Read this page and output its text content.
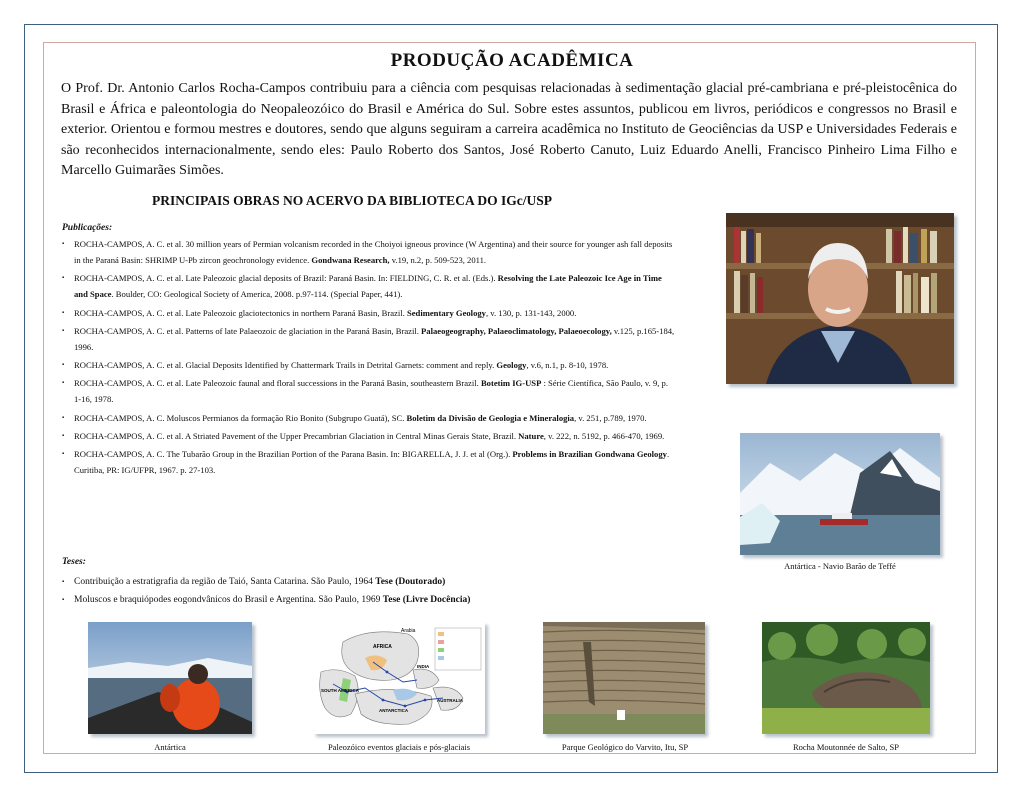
PRODUÇÃO ACADÊMICA
O Prof. Dr. Antonio Carlos Rocha-Campos contribuiu para a ciência com pesquisas relacionadas à sedimentação glacial pré-cambriana e pré-pleistocênica do Brasil e África e paleontologia do Neopaleozóico do Brasil e América do Sul. Sobre estes assuntos, publicou em livros, periódicos e congressos no Brasil e exterior. Orientou e formou mestres e doutores, sendo que alguns seguiram a carreira acadêmica no Instituto de Geociências da USP e Universidades Federais e são reconhecidos internacionalmente, sendo eles: Paulo Roberto dos Santos, José Roberto Canuto, Luiz Eduardo Anelli, Francisco Pinheiro Lima Filho e Marcello Guimarães Simões.
PRINCIPAIS OBRAS NO ACERVO DA BIBLIOTECA DO IGc/USP
Publicações:
▪ ROCHA-CAMPOS, A. C. et al. 30 million years of Permian volcanism recorded in the Choiyoi igneous province (W Argentina) and their source for younger ash fall deposits in the Paraná Basin: SHRIMP U-Pb zircon geochronology evidence. Gondwana Research, v.19, n.2, p. 509-523, 2011.
▪ ROCHA-CAMPOS, A. C. et al. Late Paleozoic glacial deposits of Brazil: Paraná Basin. In: FIELDING, C. R. et al. (Eds.). Resolving the Late Paleozoic Ice Age in Time and Space. Boulder, CO: Geological Society of America, 2008. p.97-114. (Special Paper, 441).
▪ ROCHA-CAMPOS, A. C. et al. Late Paleozoic glaciotectonics in northern Paraná Basin, Brazil. Sedimentary Geology, v. 130, p. 131-143, 2000.
▪ ROCHA-CAMPOS, A. C. et al. Patterns of late Palaeozoic de glaciation in the Paraná Basin, Brazil. Palaeogeography, Palaeoclimatology, Palaeoecology, v.125, p.165-184, 1996.
▪ ROCHA-CAMPOS, A. C. et al. Glacial Deposits Identified by Chattermark Trails in Detrital Garnets: comment and reply. Geology, v.6, n.1, p. 8-10, 1978.
▪ ROCHA-CAMPOS, A. C. et al. Late Paleozoic faunal and floral successions in the Paraná Basin, southeastern Brazil. Botetim IG-USP : Série Científica, São Paulo, v. 9, p. 1-16, 1978.
▪ ROCHA-CAMPOS, A. C. Moluscos Permianos da formação Rio Bonito (Subgrupo Guatá), SC. Boletim da Divisão de Geologia e Mineralogia, v. 251, p.789, 1970.
▪ ROCHA-CAMPOS, A. C. et al. A Striated Pavement of the Upper Precambrian Glaciation in Central Minas Gerais State, Brazil. Nature, v. 222, n. 5192, p. 466-470, 1969.
▪ ROCHA-CAMPOS, A. C. The Tubarão Group in the Brazilian Portion of the Parana Basin. In: BIGARELLA, J. J. et al (Org.). Problems in Brazilian Gondwana Geology. Curitiba, PR: IG/UFPR, 1967. p. 27-103.
Teses:
▪ Contribuição a estratigrafia da região de Taió, Santa Catarina. São Paulo, 1964 Tese (Doutorado)
▪ Moluscos e braquiópodes eogondvânicos do Brasil e Argentina. São Paulo, 1969 Tese (Livre Docência)
Antártica - Navio Barão de Teffé
Antártica
Arabia
AFRICA
INDIA
SOUTH AMERICA
ANTARCTICA
AUSTRALIA
Paleozóico eventos glaciais e pós-glaciais	Parque Geológico do Varvito, Itu, SP	Rocha Moutonnée de Salto, SP
